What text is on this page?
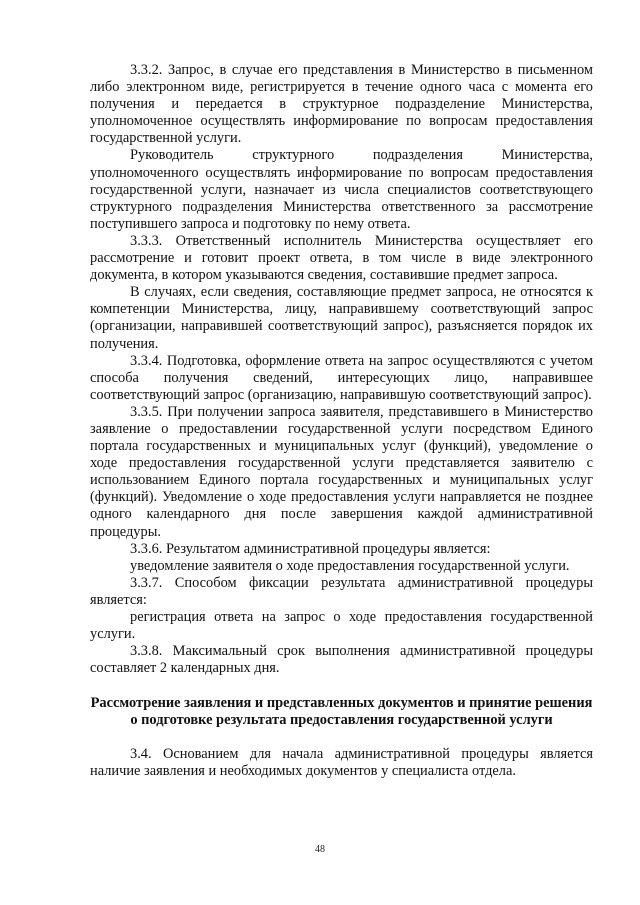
3.3.2. Запрос, в случае его представления в Министерство в письменном либо электронном виде, регистрируется в течение одного часа с момента его получения и передается в структурное подразделение Министерства, уполномоченное осуществлять информирование по вопросам предоставления государственной услуги.

Руководитель структурного подразделения Министерства, уполномоченного осуществлять информирование по вопросам предоставления государственной услуги, назначает из числа специалистов соответствующего структурного подразделения Министерства ответственного за рассмотрение поступившего запроса и подготовку по нему ответа.

3.3.3. Ответственный исполнитель Министерства осуществляет его рассмотрение и готовит проект ответа, в том числе в виде электронного документа, в котором указываются сведения, составившие предмет запроса.

В случаях, если сведения, составляющие предмет запроса, не относятся к компетенции Министерства, лицу, направившему соответствующий запрос (организации, направившей соответствующий запрос), разъясняется порядок их получения.

3.3.4. Подготовка, оформление ответа на запрос осуществляются с учетом способа получения сведений, интересующих лицо, направившее соответствующий запрос (организацию, направившую соответствующий запрос).

3.3.5. При получении запроса заявителя, представившего в Министерство заявление о предоставлении государственной услуги посредством Единого портала государственных и муниципальных услуг (функций), уведомление о ходе предоставления государственной услуги представляется заявителю с использованием Единого портала государственных и муниципальных услуг (функций). Уведомление о ходе предоставления услуги направляется не позднее одного календарного дня после завершения каждой административной процедуры.

3.3.6. Результатом административной процедуры является:

уведомление заявителя о ходе предоставления государственной услуги.

3.3.7. Способом фиксации результата административной процедуры является:

регистрация ответа на запрос о ходе предоставления государственной услуги.

3.3.8. Максимальный срок выполнения административной процедуры составляет 2 календарных дня.

Рассмотрение заявления и представленных документов и принятие решения о подготовке результата предоставления государственной услуги

3.4. Основанием для начала административной процедуры является наличие заявления и необходимых документов у специалиста отдела.

48
